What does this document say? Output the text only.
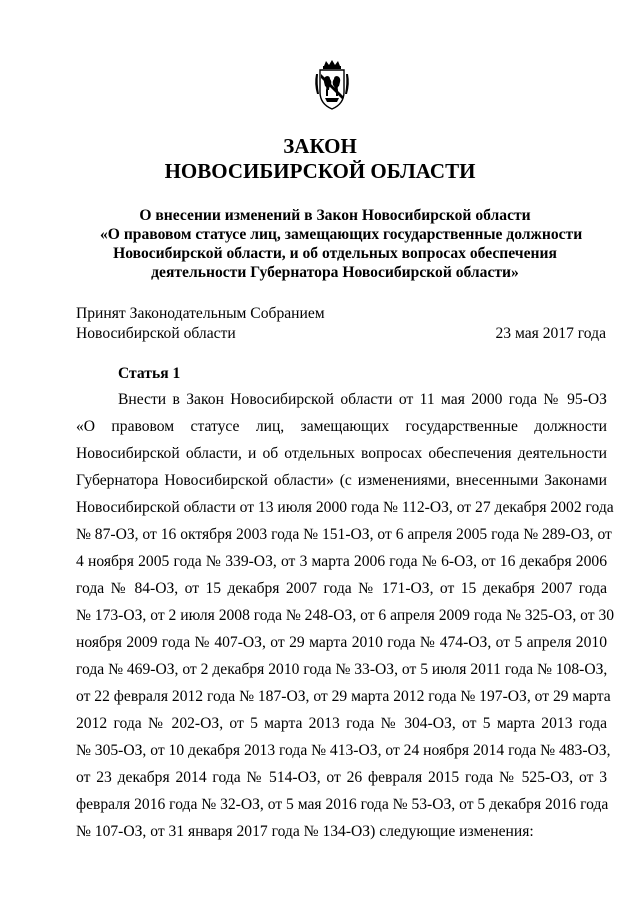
ЗАКОН
НОВОСИБИРСКОЙ ОБЛАСТИ
О внесении изменений в Закон Новосибирской области
«О правовом статусе лиц, замещающих государственные должности
Новосибирской области, и об отдельных вопросах обеспечения
деятельности Губернатора Новосибирской области»
Принят Законодательным Собранием
Новосибирской области	23 мая 2017 года
Статья 1
Внести в Закон Новосибирской области от 11 мая 2000 года № 95-ОЗ
«О правовом статусе лиц, замещающих государственные должности
Новосибирской области, и об отдельных вопросах обеспечения деятельности
Губернатора Новосибирской области» (с изменениями, внесенными Законами
Новосибирской области от 13 июля 2000 года № 112-ОЗ, от 27 декабря 2002 года
№ 87-ОЗ, от 16 октября 2003 года № 151-ОЗ, от 6 апреля 2005 года № 289-ОЗ, от
4 ноября 2005 года № 339-ОЗ, от 3 марта 2006 года № 6-ОЗ, от 16 декабря 2006
года № 84-ОЗ, от 15 декабря 2007 года № 171-ОЗ, от 15 декабря 2007 года
№ 173-ОЗ, от 2 июля 2008 года № 248-ОЗ, от 6 апреля 2009 года № 325-ОЗ, от 30
ноября 2009 года № 407-ОЗ, от 29 марта 2010 года № 474-ОЗ, от 5 апреля 2010
года № 469-ОЗ, от 2 декабря 2010 года № 33-ОЗ, от 5 июля 2011 года № 108-ОЗ,
от 22 февраля 2012 года № 187-ОЗ, от 29 марта 2012 года № 197-ОЗ, от 29 марта
2012 года № 202-ОЗ, от 5 марта 2013 года № 304-ОЗ, от 5 марта 2013 года
№ 305-ОЗ, от 10 декабря 2013 года № 413-ОЗ, от 24 ноября 2014 года № 483-ОЗ,
от 23 декабря 2014 года № 514-ОЗ, от 26 февраля 2015 года № 525-ОЗ, от 3
февраля 2016 года № 32-ОЗ, от 5 мая 2016 года № 53-ОЗ, от 5 декабря 2016 года
№ 107-ОЗ, от 31 января 2017 года № 134-ОЗ) следующие изменения:
